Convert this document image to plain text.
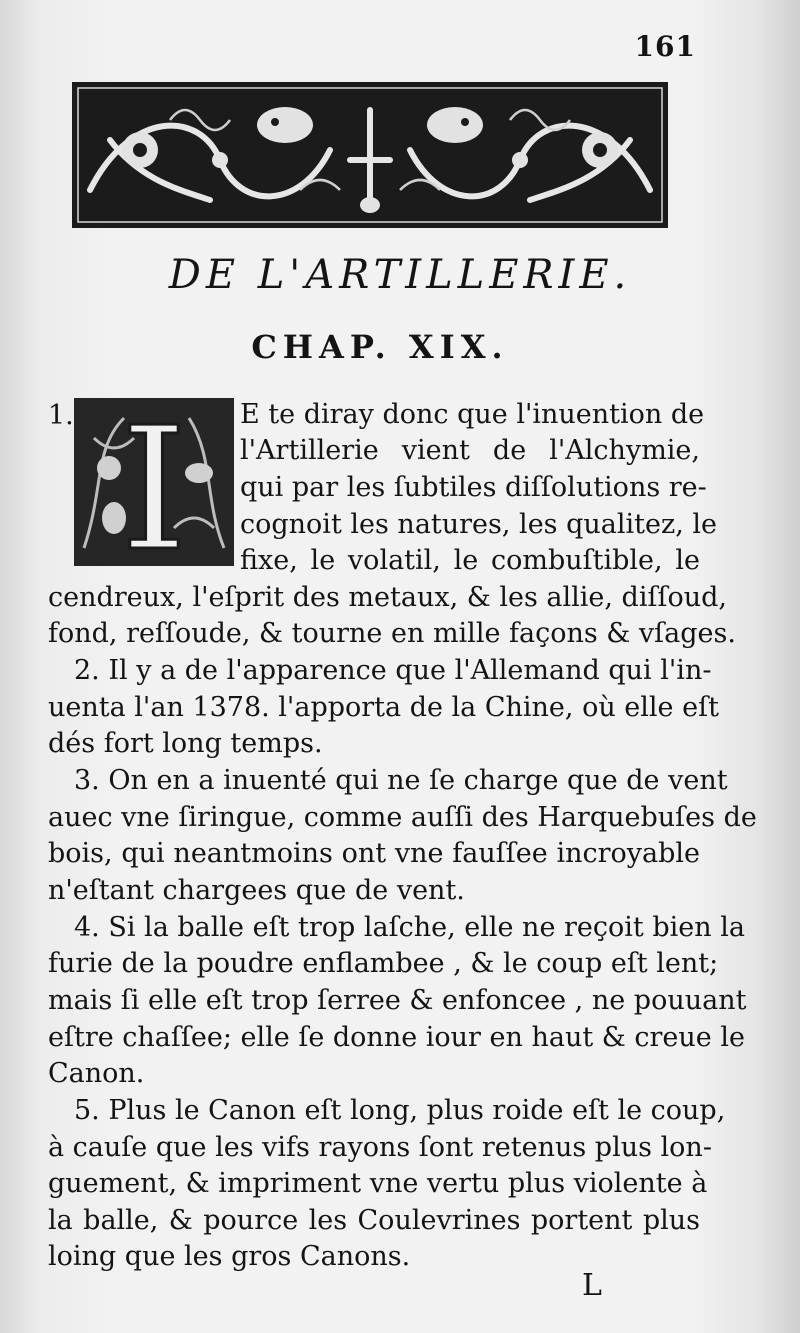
161
DE L'ARTILLERIE.
CHAP. XIX.
1. I E te diray donc que l'inuention de
l'Artillerie vient de l'Alchymie,
qui par les ſubtiles diſſolutions re-
cognoit les natures, les qualitez, le
fixe, le volatil, le combuſtible, le
cendreux, l'eſprit des metaux, & les allie, diſſoud,
fond, reſſoude, & tourne en mille façons & vſages.
2. Il y a de l'apparence que l'Allemand qui l'in-
uenta l'an 1378. l'apporta de la Chine, où elle eſt
dés fort long temps.
3. On en a inuenté qui ne ſe charge que de vent
auec vne ſiringue, comme auſſi des Harquebuſes de
bois, qui neantmoins ont vne fauſſee incroyable
n'eſtant chargees que de vent.
4. Si la balle eſt trop laſche, elle ne reçoit bien la
furie de la poudre enflambee , & le coup eſt lent;
mais ſi elle eſt trop ſerree & enfoncee , ne pouuant
eſtre chaſſee; elle ſe donne iour en haut & creue le
Canon.
5. Plus le Canon eſt long, plus roide eſt le coup,
à cauſe que les vifs rayons ſont retenus plus lon-
guement, & impriment vne vertu plus violente à
la balle, & pource les Coulevrines portent plus
loing que les gros Canons.
L
